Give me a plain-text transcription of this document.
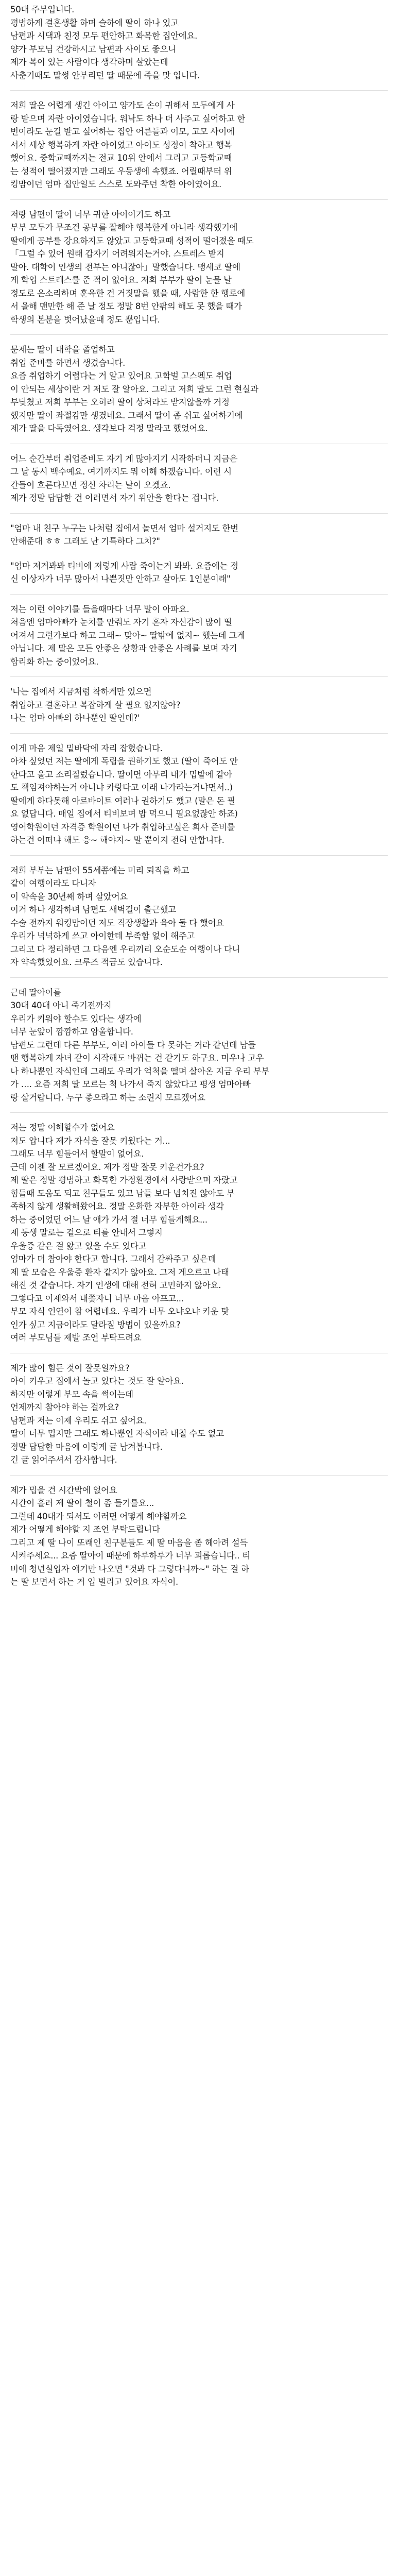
50대 주부입니다.
평범하게 결혼생활 하며 슬하에 딸이 하나 있고
남편과 시댁과 친정 모두 편안하고 화목한 집안에요.
양가 부모님 건강하시고 남편과 사이도 좋으니
제가 복이 있는 사람이다 생각하며 살았는데
사춘기때도 말썽 안부리던 딸 때문에 죽을 맛 입니다.

저희 딸은 어렵게 생긴 아이고 양가도 손이 귀해서 모두에게 사
랑 받으며 자란 아이였습니다. 워낙도 하나 더 사주고 싶어하고 한
번이라도 눈길 받고 싶어하는 집안 어른들과 이모, 고모 사이에
서서 세상 행복하게 자란 아이였고 아이도 성정이 착하고 행복
했어요. 중학교때까지는 전교 10위 안에서 그리고 고등학교때
는 성적이 떨어졌지만 그래도 우등생에 속했죠. 어릴때부터 위
킹맘이던 엄마 집안일도 스스로 도와주던 착한 아이였어요.

저랑 남편이 딸이 너무 귀한 아이이기도 하고
부부 모두가 무조건 공부를 잘해야 행복한게 아니라 생각했기에
딸에게 공부를 강요하지도 않았고 고등학교때 성적이 떨어졌을 때도
「그럴 수 있어 원래 갑자기 어려워지는거야. 스트레스 받지
말아. 대학이 인생의 전부는 아니잖아」말했습니다. 맹세코 딸에
게 학업 스트레스를 준 적이 없어요. 저희 부부가 딸이 눈물 날
정도로 은소리하며 훈육한 건 거짓말을 했을 때, 사람한 한 행로에
서 올해 맨만한 해 준 날 정도 정말 8번 안팎의 해도 못 했을 때가
학생의 본분을 벗어났을때 정도 뿐입니다.

문제는 딸이 대학을 졸업하고
취업 준비를 하면서 생겼습니다.
요즘 취업하기 어렵다는 거 알고 있어요 고학벌 고스펙도 취업
이 안되는 세상이란 거 저도 잘 알아요. 그리고 저희 딸도 그런 현실과
부딪쳤고 저희 부부는 오히려 딸이 상처라도 받지않을까 거정
했지만 딸이 좌절감만 생겼네요. 그래서 딸이 좀 쉬고 싶어하기에
제가 딸을 다독였어요. 생각보다 걱정 말라고 했었어요.

어느 순간부터 취업준비도 자기 게 많아지기 시작하더니 지금은
그 날 동시 백수예요. 여기까지도 뭐 이해 하겠습니다. 이런 시
간들이 흐른다보면 정신 차리는 날이 오겠죠.
제가 정말 답답한 건 이러면서 자기 위안을 한다는 겁니다.

"엄마 내 친구 누구는 나처럼 집에서 놀면서 엄마 설거지도 한번
안해준대 ㅎㅎ 그래도 난 기특하다 그치?"

"엄마 저거봐봐 티비에 저렇게 사람 죽이는거 봐봐. 요즘에는 정
신 이상자가 너무 많아서 나쁜짓만 안하고 살아도 1인분이래"

저는 이런 이야기를 들을때마다 너무 말이 아파요.
처음엔 엄마아빠가 눈치를 안줘도 자기 혼자 자신감이 많이 떨
어져서 그런가보다 하고 그래~ 맞아~ 딸밖에 없지~ 했는데 그게
아닙니다. 제 말은 모든 안좋은 상황과 안좋은 사례를 보며 자기
합리화 하는 중이었어요.

'나는 집에서 지금처럼 착하게만 있으면
취업하고 결혼하고 복잡하게 살 필요 없지않아?
나는 엄마 아빠의 하나뿐인 딸인데?'

이게 마음 제일 밑바닥에 자리 잡혔습니다.
아차 싶었던 저는 딸에게 독립을 권하기도 했고 (딸이 죽어도 안
한다고 울고 소리질렀습니다. 딸이면 아무리 내가 밉밭에 같아
도 책임져야하는거 아니냐 카랑다고 이래 나가라는거냐면서..)
딸에게 하다못해 아르바이트 여러나 권하기도 했고 (말은 돈 필
요 없답니다. 매일 집에서 티비보며 밥 먹으니 필요없잖안 하죠)
영어학원이던 자격증 학원이던 나가 취업하고싶은 희사 준비를
하는건 어떠냐 해도 응~ 해야지~ 말 뿐이지 전혀 안합니다.

저희 부부는 남편이 55세쯤에는 미리 퇴직을 하고
같이 여행이라도 다니자
이 약속을 30년째 하며 살았어요
이거 하나 생각하며 남편도 새벽길이 출근했고
수술 전까지 워킹맘이던 저도 직장생활과 육아 둘 다 했어요
우리가 넉넉하게 쓰고 아이한테 부족함 없이 해주고
그리고 다 정리하면 그 다음엔 우리끼리 오순도순 여행이나 다니
자 약속했었어요. 크루즈 적금도 있습니다.

근데 딸아이를
30대 40대 아니 죽기전까지
우리가 키워야 할수도 있다는 생각에
너무 눈앞이 깜깜하고 암울합니다.
남편도 그런데 다른 부부도, 여러 아이들 다 못하는 거라 같던데 남들
땐 행복하게 자녀 같이 시작해도 바뀌는 건 같기도 하구요. 미우나 고우
나 하나뿐인 자식인데 그래도 우리가 억척을 떨며 살아온 지금 우리 부부
가 …. 요즘 저희 딸 모르는 척 나가서 죽지 않았다고 평생 엄마아빠
랑 살거랍니다. 누구 좋으라고 하는 소린지 모르겠어요

저는 정말 이해할수가 없어요
저도 압니다 제가 자식을 잘못 키웠다는 거...
그래도 너무 힘들어서 할말이 없어요.
근데 이젠 잘 모르겠어요. 제가 정말 잘못 키운건가요?
제 딸은 정말 평범하고 화목한 가정환경에서 사랑받으며 자랐고
힘들때 도움도 되고 친구들도 있고 남들 보다 넘치진 않아도 부
족하지 않게 생활해왔어요. 정말 온화한 자부한 아이라 생각
하는 중이었던 어느 날 애가 가서 절 너무 힘들게해요...
제 동생 말로는 겉으로 티를 안내서 그렇지
우울증 같은 걸 앓고 있을 수도 있다고
엄마가 더 참아야 한다고 합니다. 그래서 감싸주고 싶은데
제 딸 모습은 우울증 환자 같지가 않아요. 그저 게으르고 나태
해진 것 같습니다. 자기 인생에 대해 전혀 고민하지 않아요.
그렇다고 이제와서 내쫓자니 너무 마음 아프고...
부모 자식 인연이 참 어렵네요. 우리가 너무 오냐오냐 키운 탓
인가 싶고 지금이라도 달라질 방법이 있을까요?
여러 부모님들 제발 조언 부탁드려요

제가 많이 힘든 것이 잘못일까요?
아이 키우고 집에서 놀고 있다는 것도 잘 알아요.
하지만 이렇게 부모 속을 썩이는데
언제까지 참아야 하는 걸까요?
남편과 저는 이제 우리도 쉬고 싶어요.
딸이 너무 밉지만 그래도 하나뿐인 자식이라 내칠 수도 없고
정말 답답한 마음에 이렇게 글 남겨봅니다.
긴 글 읽어주셔서 감사합니다.

제가 밉을 건 시간박에 없어요
시간이 흘러 제 딸이 철이 좀 들기를요...
그런데 40대가 되서도 이러면 어떻게 해야할까요
제가 어떻게 해야할 지 조언 부탁드립니다
그리고 제 딸 나이 또래인 친구분들도 제 딸 마음을 좀 헤아려 설득
시켜주세요... 요즘 딸아이 때문에 하루하루가 너무 괴롭습니다.. 티
비에 청년실업자 얘기만 나오면 "것봐 다 그렇다니까~" 하는 걸 하
는 딸 보면서 하는 거 입 벌리고 있어요 자식이.
